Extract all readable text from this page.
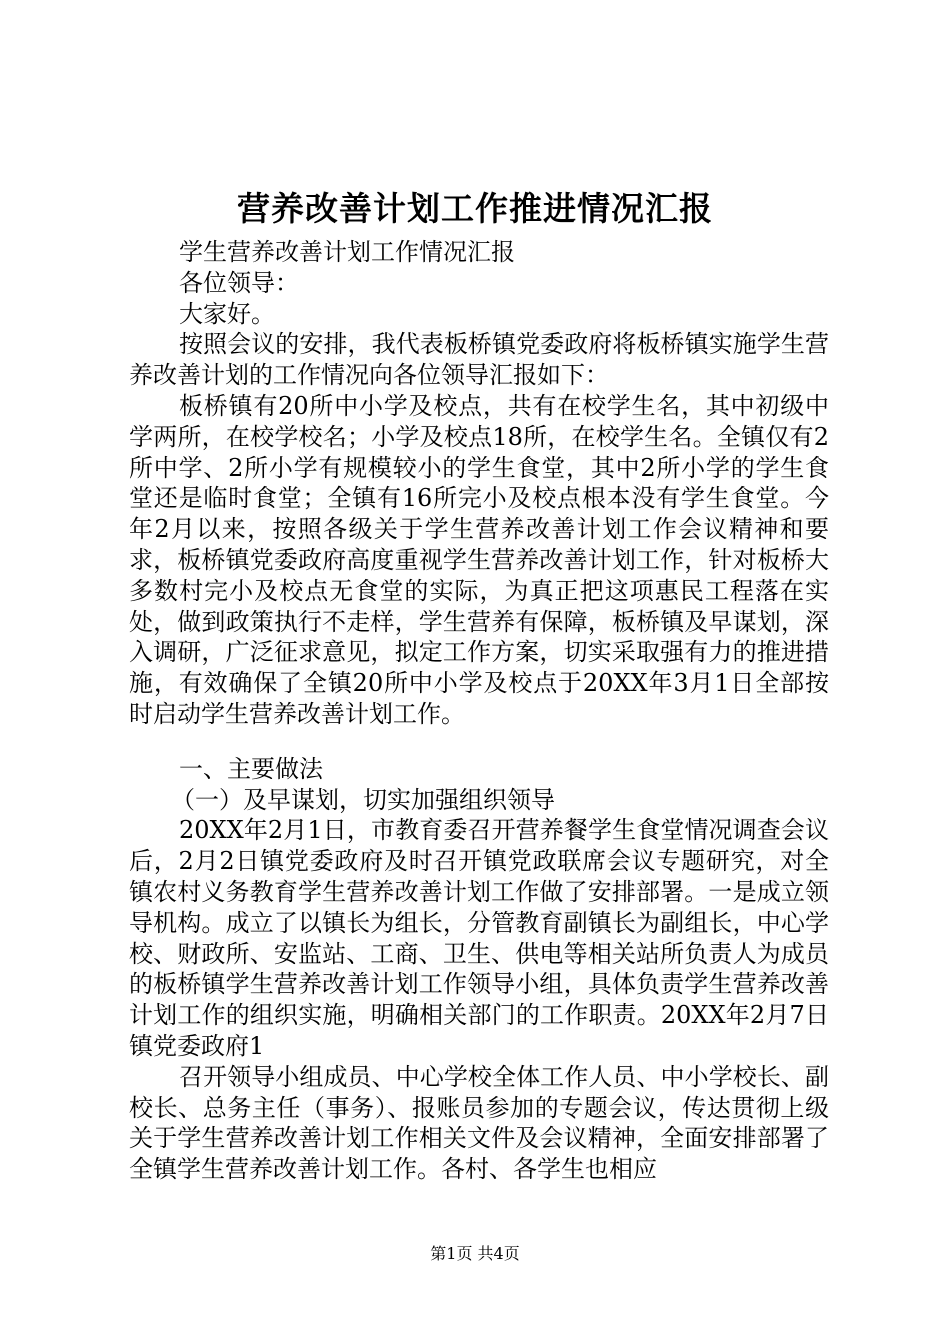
营养改善计划工作推进情况汇报

学生营养改善计划工作情况汇报

各位领导：

大家好。

按照会议的安排，我代表板桥镇党委政府将板桥镇实施学生营养改善计划的工作情况向各位领导汇报如下：

板桥镇有20所中小学及校点，共有在校学生名，其中初级中学两所，在校学校名；小学及校点18所，在校学生名。全镇仅有2所中学、2所小学有规模较小的学生食堂，其中2所小学的学生食堂还是临时食堂；全镇有16所完小及校点根本没有学生食堂。今年2月以来，按照各级关于学生营养改善计划工作会议精神和要求，板桥镇党委政府高度重视学生营养改善计划工作，针对板桥大多数村完小及校点无食堂的实际，为真正把这项惠民工程落在实处，做到政策执行不走样，学生营养有保障，板桥镇及早谋划，深入调研，广泛征求意见，拟定工作方案，切实采取强有力的推进措施，有效确保了全镇20所中小学及校点于20XX年3月1日全部按时启动学生营养改善计划工作。

一、主要做法

（一）及早谋划，切实加强组织领导

20XX年2月1日，市教育委召开营养餐学生食堂情况调查会议后，2月2日镇党委政府及时召开镇党政联席会议专题研究，对全镇农村义务教育学生营养改善计划工作做了安排部署。一是成立领导机构。成立了以镇长为组长，分管教育副镇长为副组长，中心学校、财政所、安监站、工商、卫生、供电等相关站所负责人为成员的板桥镇学生营养改善计划工作领导小组，具体负责学生营养改善计划工作的组织实施，明确相关部门的工作职责。20XX年2月7日镇党委政府1

召开领导小组成员、中心学校全体工作人员、中小学校长、副校长、总务主任（事务）、报账员参加的专题会议，传达贯彻上级关于学生营养改善计划工作相关文件及会议精神，全面安排部署了全镇学生营养改善计划工作。各村、各学生也相应

第1页 共4页
